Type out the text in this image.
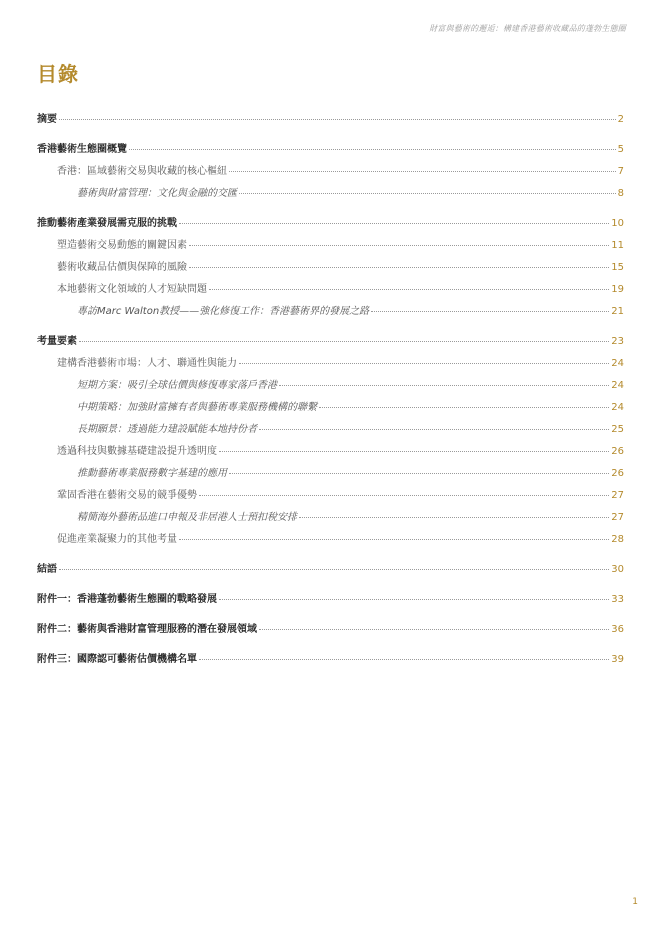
財富與藝術的邂逅：構建香港藝術收藏品的蓬勃生態圈
目錄
摘要	2
香港藝術生態圈概覽	5
香港：區域藝術交易與收藏的核心樞紐	7
藝術與財富管理：文化與金融的交匯	8
推動藝術產業發展需克服的挑戰	10
塑造藝術交易動態的關鍵因素	11
藝術收藏品估價與保障的風險	15
本地藝術文化領域的人才短缺問題	19
專訪Marc Walton教授——強化修復工作：香港藝術界的發展之路	21
考量要素	23
建構香港藝術市場：人才、聯通性與能力	24
短期方案：吸引全球估價與修復專家落戶香港	24
中期策略：加強財富擁有者與藝術專業服務機構的聯繫	24
長期願景：透過能力建設賦能本地持份者	25
透過科技與數據基礎建設提升透明度	26
推動藝術專業服務數字基建的應用	26
鞏固香港在藝術交易的競爭優勢	27
精簡海外藝術品進口申報及非居港人士預扣稅安排	27
促進產業凝聚力的其他考量	28
結語	30
附件一：香港蓬勃藝術生態圈的戰略發展	33
附件二：藝術與香港財富管理服務的潛在發展領域	36
附件三：國際認可藝術估價機構名單	39
1
